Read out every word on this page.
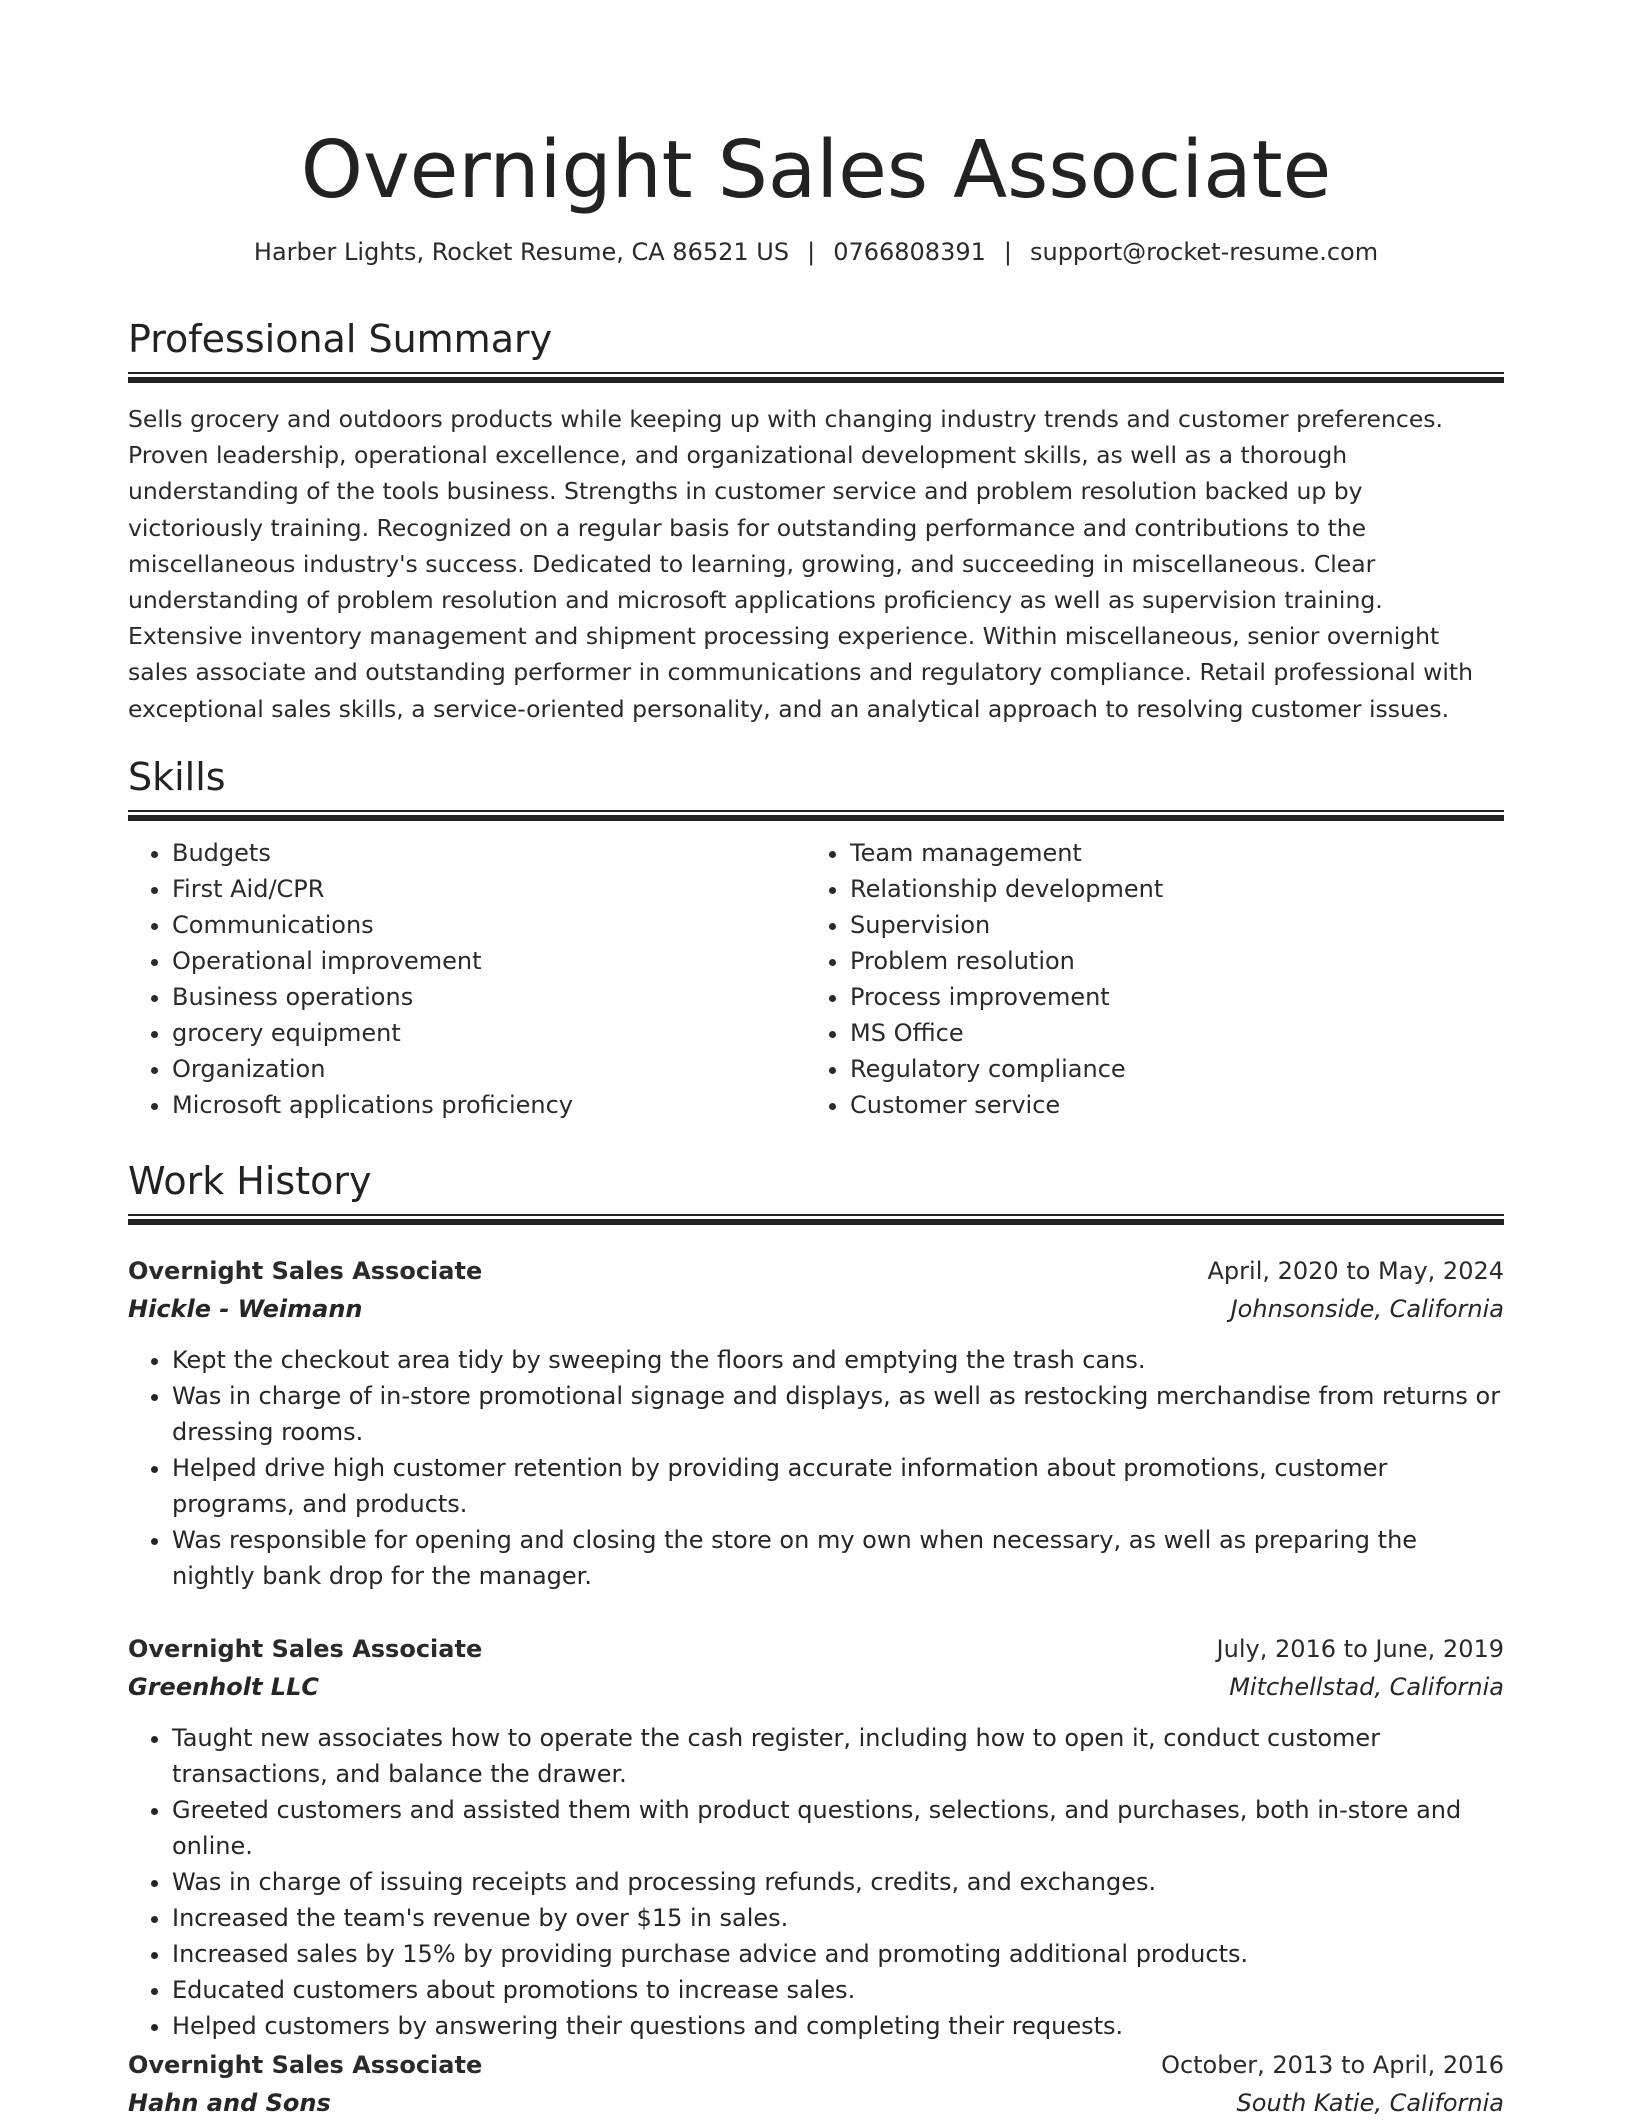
Overnight Sales Associate
Harber Lights, Rocket Resume, CA 86521 US | 0766808391 | support@rocket-resume.com
Professional Summary

Sells grocery and outdoors products while keeping up with changing industry trends and customer preferences. Proven leadership, operational excellence, and organizational development skills, as well as a thorough understanding of the tools business. Strengths in customer service and problem resolution backed up by victoriously training. Recognized on a regular basis for outstanding performance and contributions to the miscellaneous industry's success. Dedicated to learning, growing, and succeeding in miscellaneous. Clear understanding of problem resolution and microsoft applications proficiency as well as supervision training. Extensive inventory management and shipment processing experience. Within miscellaneous, senior overnight sales associate and outstanding performer in communications and regulatory compliance. Retail professional with exceptional sales skills, a service-oriented personality, and an analytical approach to resolving customer issues.

Skills
• Budgets
• First Aid/CPR
• Communications
• Operational improvement
• Business operations
• grocery equipment
• Organization
• Microsoft applications proficiency
• Team management
• Relationship development
• Supervision
• Problem resolution
• Process improvement
• MS Office
• Regulatory compliance
• Customer service
Work History
Overnight Sales Associate	April, 2020 to May, 2024
Hickle - Weimann	Johnsonside, California
• Kept the checkout area tidy by sweeping the floors and emptying the trash cans.
• Was in charge of in-store promotional signage and displays, as well as restocking merchandise from returns or dressing rooms.
• Helped drive high customer retention by providing accurate information about promotions, customer programs, and products.
• Was responsible for opening and closing the store on my own when necessary, as well as preparing the nightly bank drop for the manager.
Overnight Sales Associate	July, 2016 to June, 2019
Greenholt LLC	Mitchellstad, California
• Taught new associates how to operate the cash register, including how to open it, conduct customer transactions, and balance the drawer.
• Greeted customers and assisted them with product questions, selections, and purchases, both in-store and online.
• Was in charge of issuing receipts and processing refunds, credits, and exchanges.
• Increased the team's revenue by over $15 in sales.
• Increased sales by 15% by providing purchase advice and promoting additional products.
• Educated customers about promotions to increase sales.
• Helped customers by answering their questions and completing their requests.
Overnight Sales Associate	October, 2013 to April, 2016
Hahn and Sons	South Katie, California
